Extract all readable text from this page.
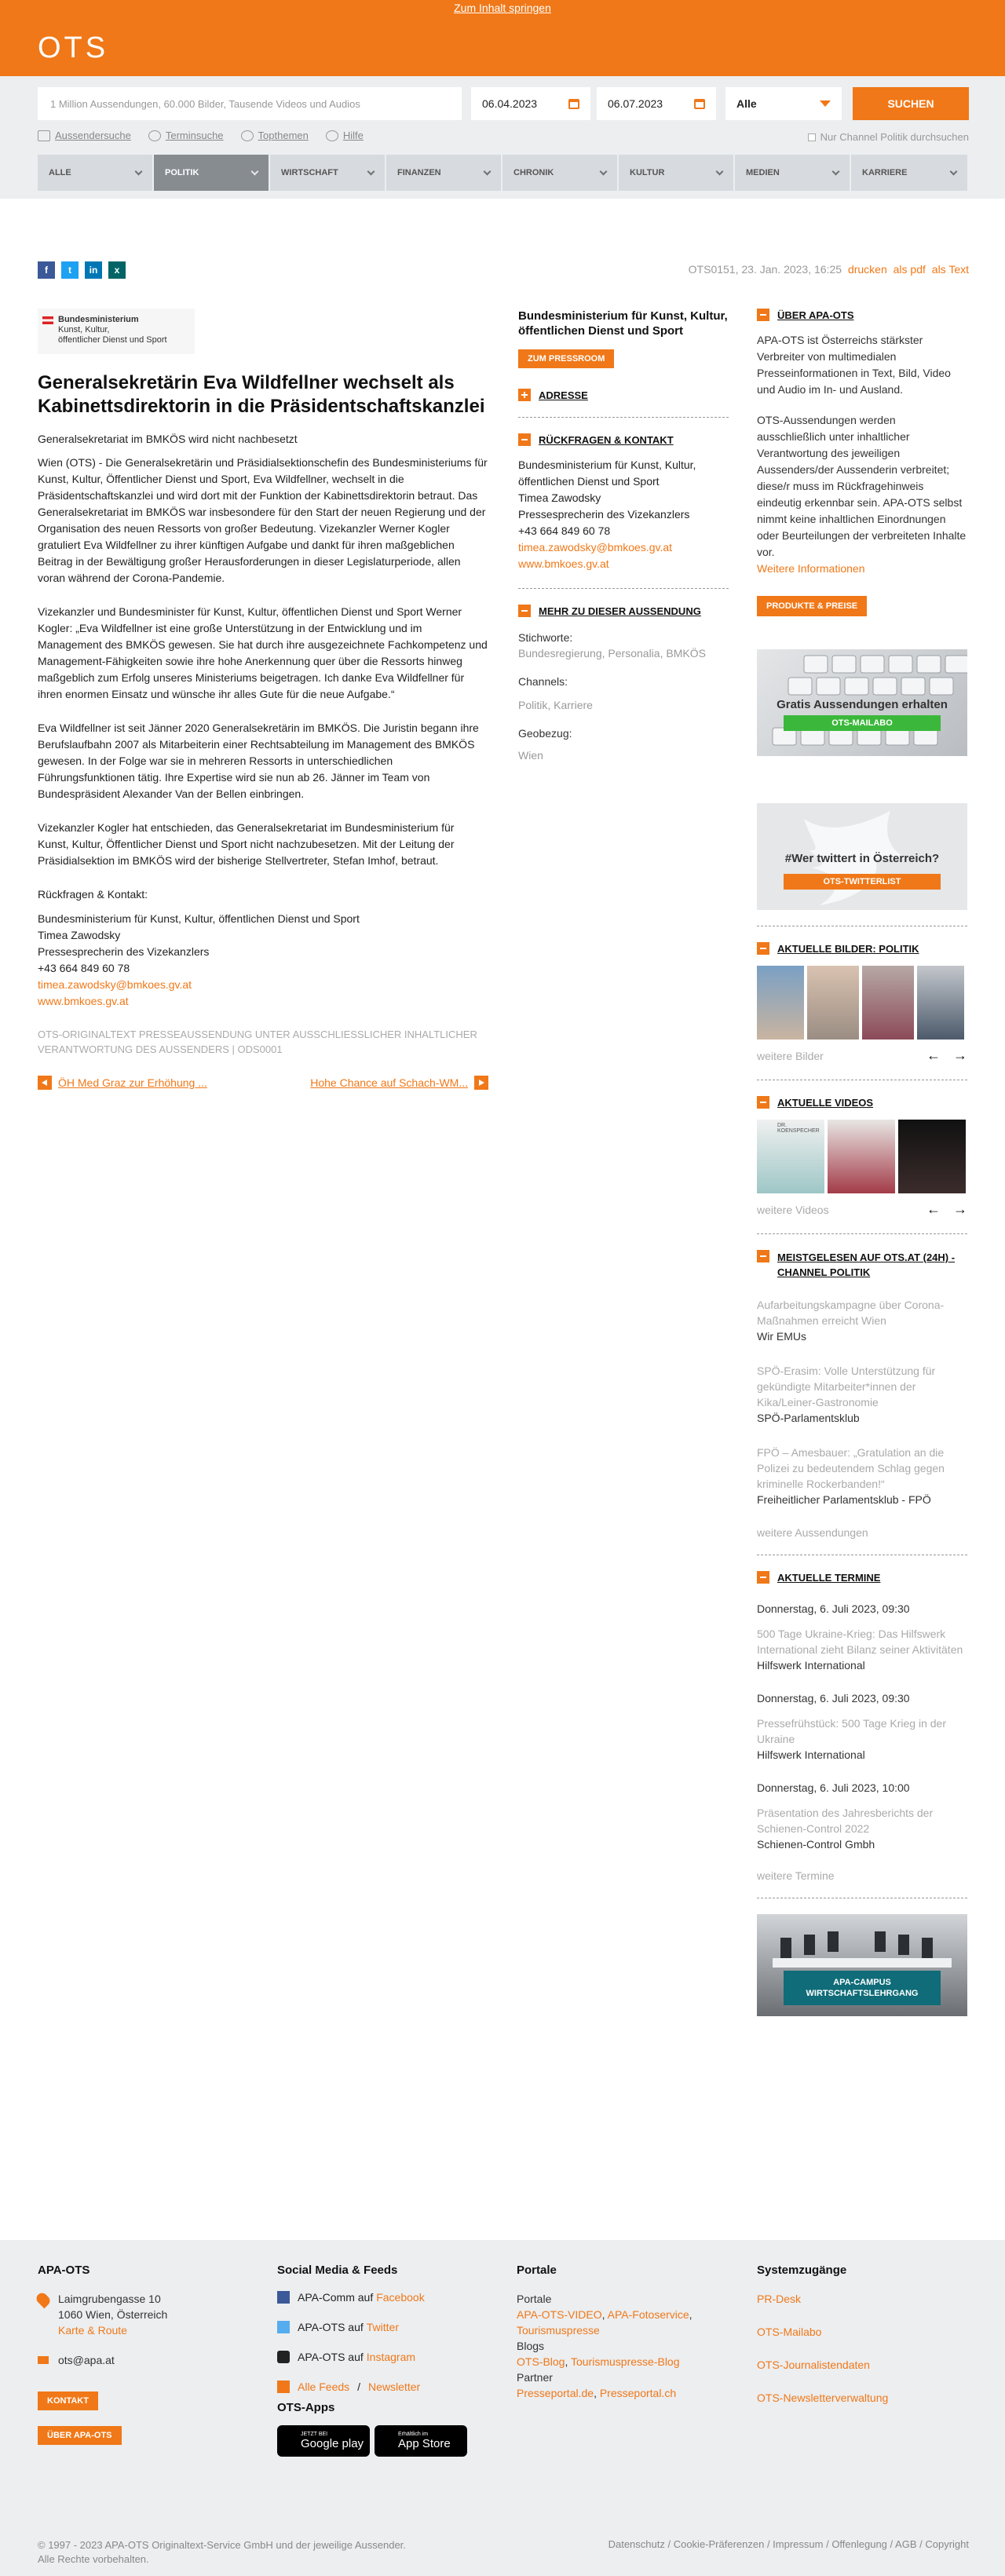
Zum Inhalt springen
OTS
1 Million Aussendungen, 60.000 Bilder, Tausende Videos und Audios	06.04.2023	06.07.2023	Alle	SUCHEN
Aussendersuche	Terminsuche	Topthemen	Hilfe	Nur Channel Politik durchsuchen
ALLE	POLITIK	WIRTSCHAFT	FINANZEN	CHRONIK	KULTUR	MEDIEN	KARRIERE
f	t	in	x	OTS0151, 23. Jan. 2023, 16:25 drucken als pdf als Text
Bundesministerium
Kunst, Kultur,
öffentlicher Dienst und Sport
Generalsekretärin Eva Wildfellner wechselt als Kabinettsdirektorin in die Präsidentschaftskanzlei
Generalsekretariat im BMKÖS wird nicht nachbesetzt

Wien (OTS) - Die Generalsekretärin und Präsidialsektionschefin des Bundesministeriums für Kunst, Kultur, Öffentlicher Dienst und Sport, Eva Wildfellner, wechselt in die Präsidentschaftskanzlei und wird dort mit der Funktion der Kabinettsdirektorin betraut. Das Generalsekretariat im BMKÖS war insbesondere für den Start der neuen Regierung und der Organisation des neuen Ressorts von großer Bedeutung. Vizekanzler Werner Kogler gratuliert Eva Wildfellner zu ihrer künftigen Aufgabe und dankt für ihren maßgeblichen Beitrag in der Bewältigung großer Herausforderungen in dieser Legislaturperiode, allen voran während der Corona-Pandemie.

Vizekanzler und Bundesminister für Kunst, Kultur, öffentlichen Dienst und Sport Werner Kogler: „Eva Wildfellner ist eine große Unterstützung in der Entwicklung und im Management des BMKÖS gewesen. Sie hat durch ihre ausgezeichnete Fachkompetenz und Management-Fähigkeiten sowie ihre hohe Anerkennung quer über die Ressorts hinweg maßgeblich zum Erfolg unseres Ministeriums beigetragen. Ich danke Eva Wildfellner für ihren enormen Einsatz und wünsche ihr alles Gute für die neue Aufgabe.“

Eva Wildfellner ist seit Jänner 2020 Generalsekretärin im BMKÖS. Die Juristin begann ihre Berufslaufbahn 2007 als Mitarbeiterin einer Rechtsabteilung im Management des BMKÖS gewesen. In der Folge war sie in mehreren Ressorts in unterschiedlichen Führungsfunktionen tätig. Ihre Expertise wird sie nun ab 26. Jänner im Team von Bundespräsident Alexander Van der Bellen einbringen.

Vizekanzler Kogler hat entschieden, das Generalsekretariat im Bundesministerium für Kunst, Kultur, Öffentlicher Dienst und Sport nicht nachzubesetzen. Mit der Leitung der Präsidialsektion im BMKÖS wird der bisherige Stellvertreter, Stefan Imhof, betraut.

Rückfragen & Kontakt:
Bundesministerium für Kunst, Kultur, öffentlichen Dienst und Sport
Timea Zawodsky
Pressesprecherin des Vizekanzlers
+43 664 849 60 78
timea.zawodsky@bmkoes.gv.at
www.bmkoes.gv.at
OTS-ORIGINALTEXT PRESSEAUSSENDUNG UNTER AUSSCHLIESSLICHER INHALTLICHER VERANTWORTUNG DES AUSSENDERS | ODS0001
ÖH Med Graz zur Erhöhung ...	Hohe Chance auf Schach-WM...
Bundesministerium für Kunst, Kultur, öffentlichen Dienst und Sport
ZUM PRESSROOM
ADRESSE
RÜCKFRAGEN & KONTAKT
Bundesministerium für Kunst, Kultur, öffentlichen Dienst und Sport
Timea Zawodsky
Pressesprecherin des Vizekanzlers
+43 664 849 60 78
timea.zawodsky@bmkoes.gv.at
www.bmkoes.gv.at
MEHR ZU DIESER AUSSENDUNG
Stichworte:
Bundesregierung, Personalia, BMKÖS
Channels:
Politik, Karriere
Geobezug:
Wien
ÜBER APA-OTS
APA-OTS ist Österreichs stärkster Verbreiter von multimedialen Presseinformationen in Text, Bild, Video und Audio im In- und Ausland.
OTS-Aussendungen werden ausschließlich unter inhaltlicher Verantwortung des jeweiligen Aussenders/der Aussenderin verbreitet; diese/r muss im Rückfragehinweis eindeutig erkennbar sein. APA-OTS selbst nimmt keine inhaltlichen Einordnungen oder Beurteilungen der verbreiteten Inhalte vor.
Weitere Informationen
PRODUKTE & PREISE
Gratis Aussendungen erhalten
OTS-MAILABO
#Wer twittert in Österreich?
OTS-TWITTERLIST
AKTUELLE BILDER: POLITIK
weitere Bilder	← →
AKTUELLE VIDEOS
DR. KOENSPECHER
weitere Videos	← →
MEISTGELESEN AUF OTS.AT (24H) - CHANNEL POLITIK
Aufarbeitungskampagne über Corona-Maßnahmen erreicht Wien
Wir EMUs
SPÖ-Erasim: Volle Unterstützung für gekündigte Mitarbeiter*innen der Kika/Leiner-Gastronomie
SPÖ-Parlamentsklub
FPÖ – Amesbauer: „Gratulation an die Polizei zu bedeutendem Schlag gegen kriminelle Rockerbanden!“
Freiheitlicher Parlamentsklub - FPÖ
weitere Aussendungen
AKTUELLE TERMINE
Donnerstag, 6. Juli 2023, 09:30
500 Tage Ukraine-Krieg: Das Hilfswerk International zieht Bilanz seiner Aktivitäten
Hilfswerk International
Donnerstag, 6. Juli 2023, 09:30
Pressefrühstück: 500 Tage Krieg in der Ukraine
Hilfswerk International
Donnerstag, 6. Juli 2023, 10:00
Präsentation des Jahresberichts der Schienen-Control 2022
Schienen-Control Gmbh
weitere Termine
APA-CAMPUS
WIRTSCHAFTSLEHRGANG
APA-OTS
Laimgrubengasse 10
1060 Wien, Österreich
Karte & Route
ots@apa.at
KONTAKT
ÜBER APA-OTS
Social Media & Feeds
APA-Comm auf Facebook
APA-OTS auf Twitter
APA-OTS auf Instagram
Alle Feeds / Newsletter
OTS-Apps
JETZT BEI
Google play
Erhältlich im
App Store
Portale
Portale
APA-OTS-VIDEO, APA-Fotoservice,
Tourismuspresse
Blogs
OTS-Blog, Tourismuspresse-Blog
Partner
Presseportal.de, Presseportal.ch
Systemzugänge
PR-Desk
OTS-Mailabo
OTS-Journalistendaten
OTS-Newsletterverwaltung
© 1997 - 2023 APA-OTS Originaltext-Service GmbH und der jeweilige Aussender.
Alle Rechte vorbehalten.
Datenschutz / Cookie-Präferenzen / Impressum / Offenlegung / AGB / Copyright
